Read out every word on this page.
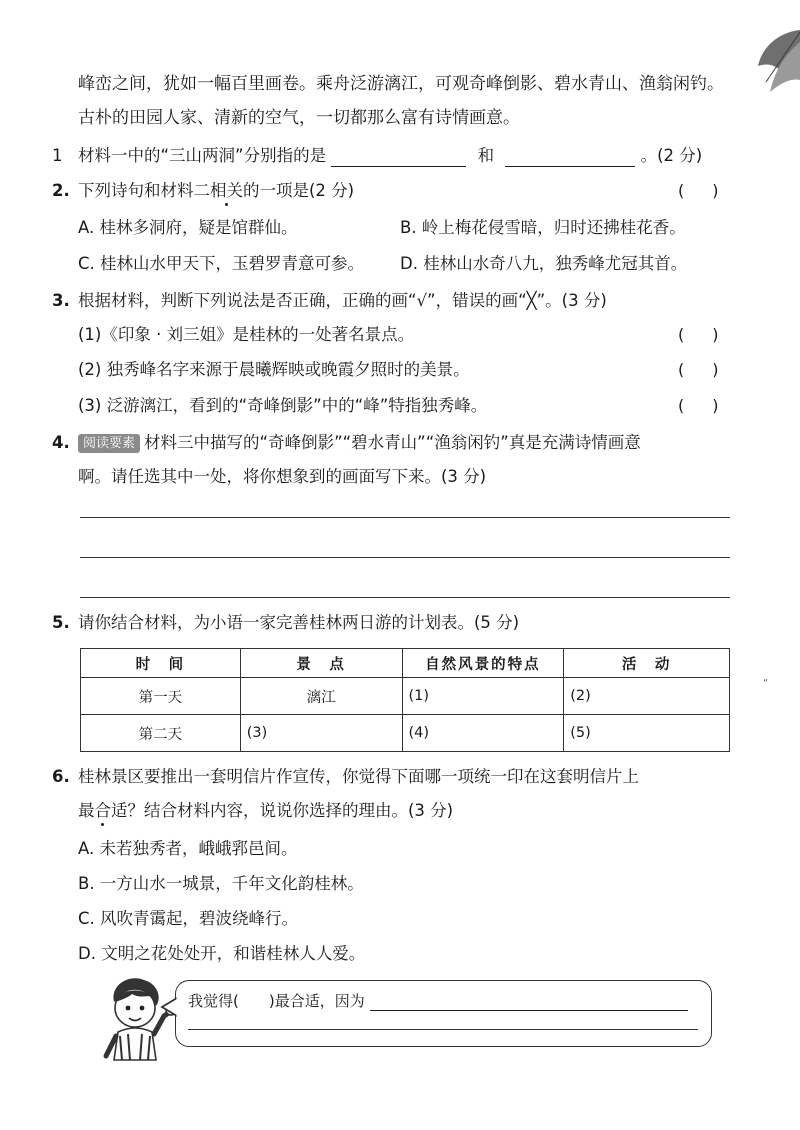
峰峦之间，犹如一幅百里画卷。乘舟泛游漓江，可观奇峰倒影、碧水青山、渔翁闲钓。
古朴的田园人家、清新的空气，一切都那么富有诗情画意。
1 材料一中的“三山两洞”分别指的是	和	。(2 分)
2. 下列诗句和材料二相关的一项是(2 分)	()
A. 桂林多洞府，疑是馆群仙。	B. 岭上梅花侵雪暗，归时还拂桂花香。
C. 桂林山水甲天下，玉碧罗青意可参。 D. 桂林山水奇八九，独秀峰尤冠其首。
3. 根据材料，判断下列说法是否正确，正确的画“√”，错误的画“╳”。(3 分)
(1)《印象 · 刘三姐》是桂林的一处著名景点。	()
(2) 独秀峰名字来源于晨曦辉映或晚霞夕照时的美景。	()
(3) 泛游漓江，看到的“奇峰倒影”中的“峰”特指独秀峰。	()
4.	阅读要素 材料三中描写的“奇峰倒影”“碧水青山”“渔翁闲钓”真是充满诗情画意
啊。请任选其中一处，将你想象到的画面写下来。(3 分)
5. 请你结合材料，为小语一家完善桂林两日游的计划表。(5 分)
时　间	景　点	自然风景的特点	活　动
第一天	漓江	(1)	(2)
第二天	(3)	(4)	(5)
“
6. 桂林景区要推出一套明信片作宣传，你觉得下面哪一项统一印在这套明信片上
最合适？结合材料内容，说说你选择的理由。(3 分)
A. 未若独秀者，峨峨郛邑间。
B. 一方山水一城景，千年文化韵桂林。
C. 风吹青霭起，碧波绕峰行。
D. 文明之花处处开，和谐桂林人人爱。
我觉得(　　)最合适，因为
